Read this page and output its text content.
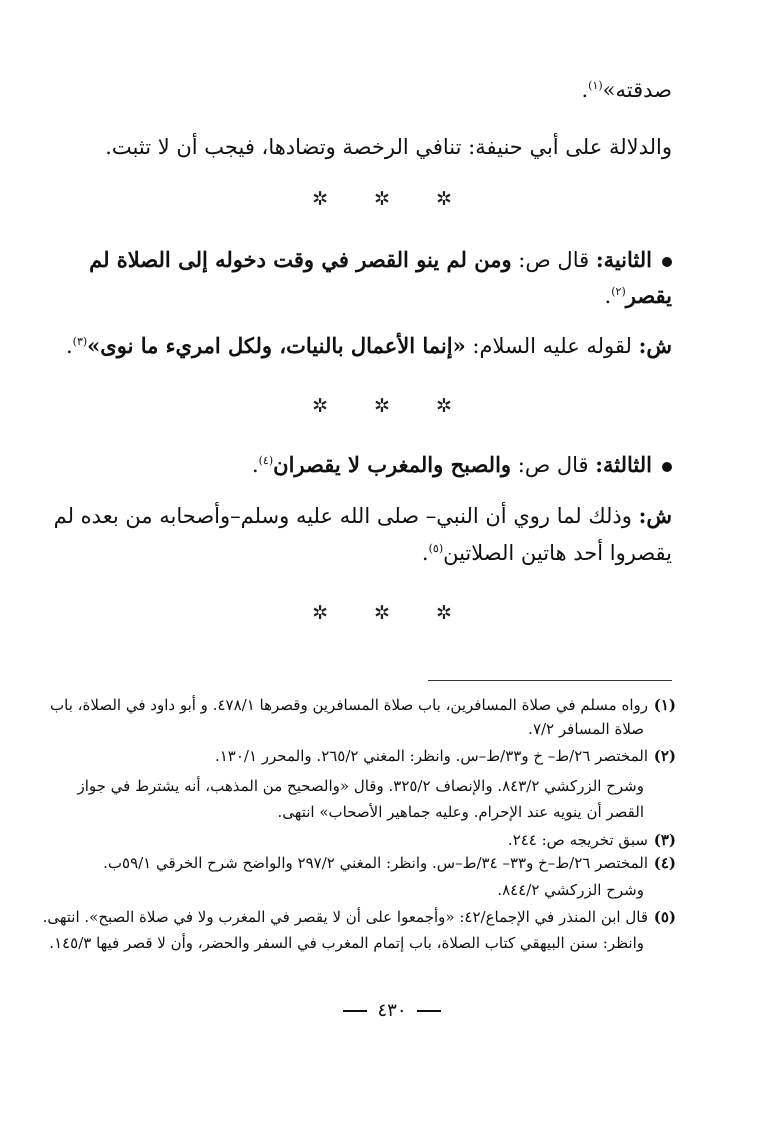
صدقته»$^{(١)}$.
والدلالة على أبي حنيفة: تنافي الرخصة وتضادها، فيجب أن لا تثبت.
✲ ✲ ✲
الثانية: قال ص: ومن لم ينو القصر في وقت دخوله إلى الصلاة لم
يقصر$^{(٢)}$.
ش: لقوله عليه السلام: «إنما الأعمال بالنيات، ولكل امريء ما نوى»$^{(٣)}$.
✲ ✲ ✲
الثالثة: قال ص: والصبح والمغرب لا يقصران$^{(٤)}$.
ش: وذلك لما روي أن النبي– صلى الله عليه وسلم–وأصحابه من بعده لم
يقصروا أحد هاتين الصلاتين$^{(٥)}$.
✲ ✲ ✲
(١)رواه مسلم في صلاة المسافرين، باب صلاة المسافرين وقصرها ٤٧٨/١. و أبو داود في الصلاة، باب
صلاة المسافر ٧/٢.
(٢)المختصر ٢٦/ط– خ و٣٣/ط–س. وانظر: المغني ٢٦٥/٢. والمحرر ١٣٠/١.
وشرح الزركشي ٨٤٣/٢. والإنصاف ٣٢٥/٢. وقال «والصحيح من المذهب، أنه يشترط في جواز
القصر أن ينويه عند الإحرام. وعليه جماهير الأصحاب» انتهى.
(٣)سبق تخريجه ص: ٢٤٤.
(٤)المختصر ٢٦/ط–خ و٣٣– ٣٤/ط–س. وانظر: المغني ٢٩٧/٢ والواضح شرح الخرقي ٥٩/١ب.
وشرح الزركشي ٨٤٤/٢.
(٥)قال ابن المنذر في الإجماع/٤٢: «وأجمعوا على أن لا يقصر في المغرب ولا في صلاة الصبح». انتهى.
وانظر: سنن البيهقي كتاب الصلاة، باب إتمام المغرب في السفر والحضر، وأن لا قصر فيها ١٤٥/٣.
٤٣٠
